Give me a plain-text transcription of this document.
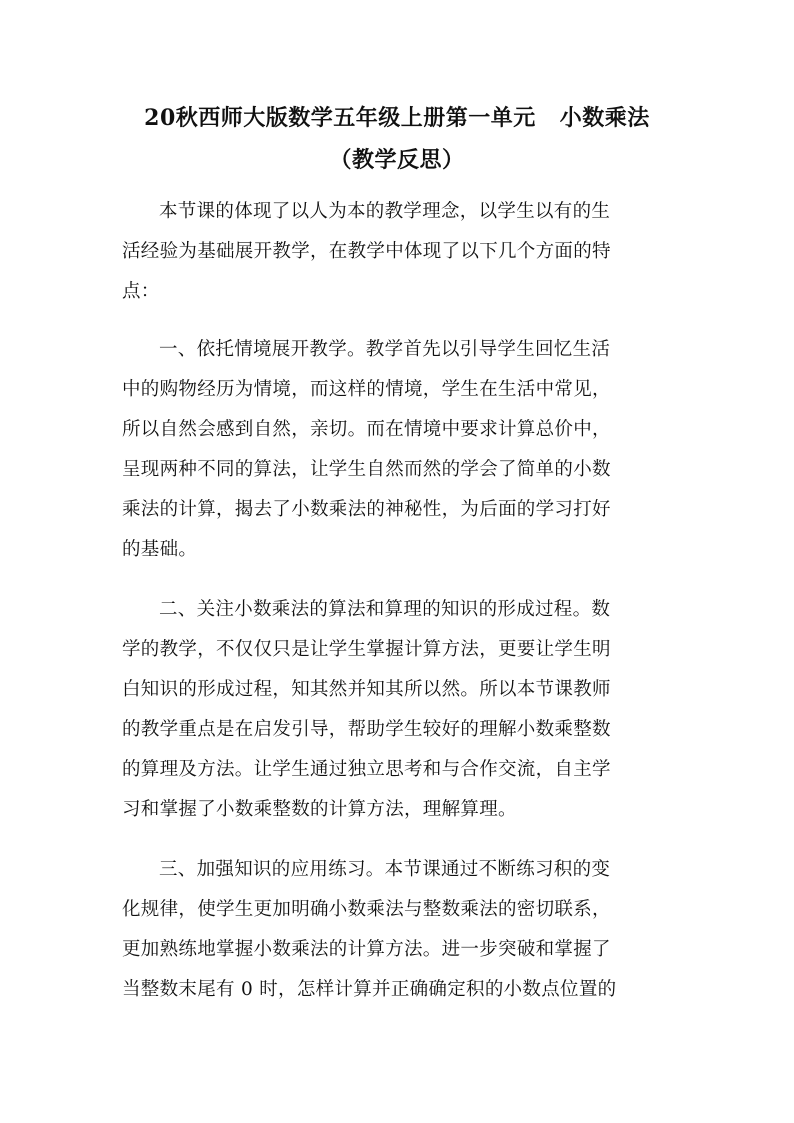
20秋西师大版数学五年级上册第一单元 小数乘法
（教学反思）
本节课的体现了以人为本的教学理念，以学生以有的生
活经验为基础展开教学，在教学中体现了以下几个方面的特
点：
一、依托情境展开教学。教学首先以引导学生回忆生活
中的购物经历为情境，而这样的情境，学生在生活中常见，
所以自然会感到自然，亲切。而在情境中要求计算总价中，
呈现两种不同的算法，让学生自然而然的学会了简单的小数
乘法的计算，揭去了小数乘法的神秘性，为后面的学习打好
的基础。
二、关注小数乘法的算法和算理的知识的形成过程。数
学的教学，不仅仅只是让学生掌握计算方法，更要让学生明
白知识的形成过程，知其然并知其所以然。所以本节课教师
的教学重点是在启发引导，帮助学生较好的理解小数乘整数
的算理及方法。让学生通过独立思考和与合作交流，自主学
习和掌握了小数乘整数的计算方法，理解算理。
三、加强知识的应用练习。本节课通过不断练习积的变
化规律，使学生更加明确小数乘法与整数乘法的密切联系，
更加熟练地掌握小数乘法的计算方法。进一步突破和掌握了
当整数末尾有 0 时，怎样计算并正确确定积的小数点位置的
